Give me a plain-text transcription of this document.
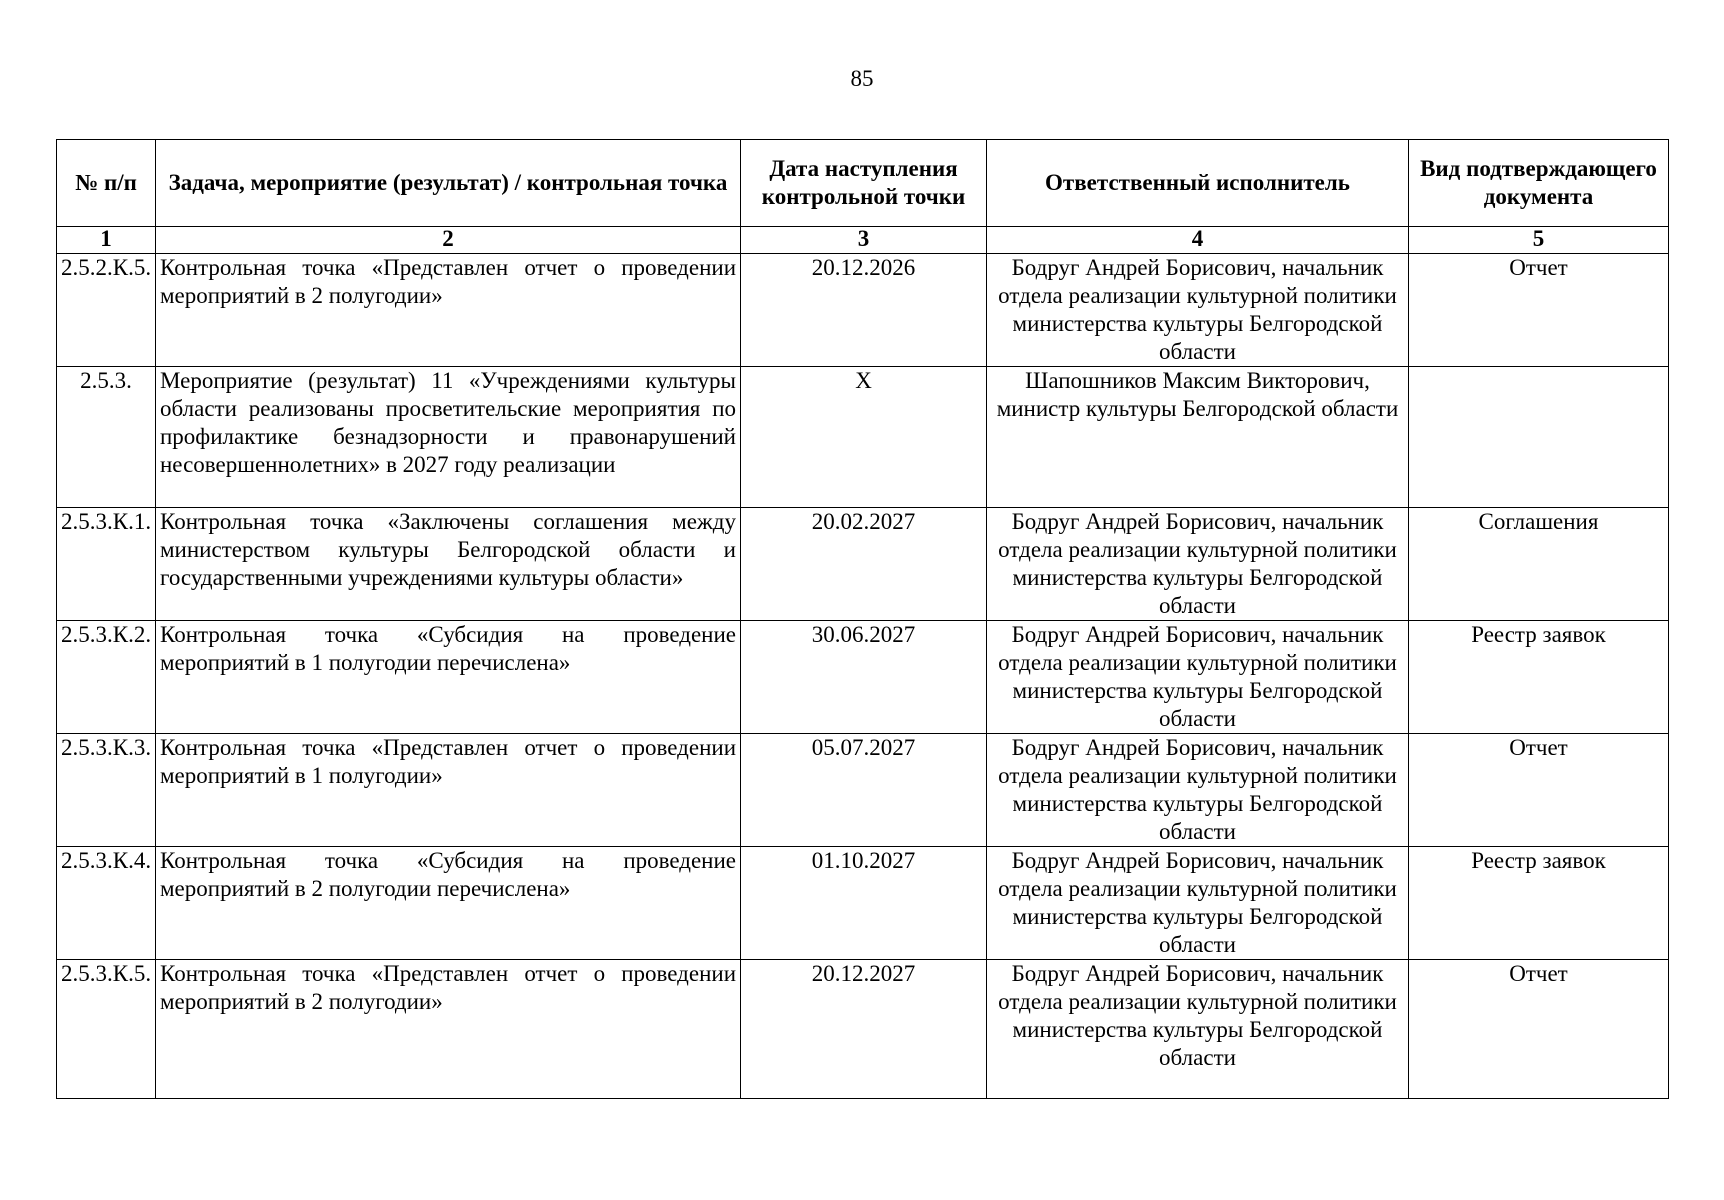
85
№ п/п	Задача, мероприятие (результат) / контрольная точка	Дата наступления контрольной точки	Ответственный исполнитель	Вид подтверждающего документа
1	2	3	4	5
2.5.2.К.5.	Контрольная точка «Представлен отчет о проведении мероприятий в 2 полугодии»	20.12.2026	Бодруг Андрей Борисович, начальник отдела реализации культурной политики министерства культуры Белгородской области	Отчет
2.5.3.	Мероприятие (результат) 11 «Учреждениями культуры области реализованы просветительские мероприятия по профилактике безнадзорности и правонарушений несовершеннолетних» в 2027 году реализации	X	Шапошников Максим Викторович, министр культуры Белгородской области	
2.5.3.К.1.	Контрольная точка «Заключены соглашения между министерством культуры Белгородской области и государственными учреждениями культуры области»	20.02.2027	Бодруг Андрей Борисович, начальник отдела реализации культурной политики министерства культуры Белгородской области	Соглашения
2.5.3.К.2.	Контрольная точка «Субсидия на проведение мероприятий в 1 полугодии перечислена»	30.06.2027	Бодруг Андрей Борисович, начальник отдела реализации культурной политики министерства культуры Белгородской области	Реестр заявок
2.5.3.К.3.	Контрольная точка «Представлен отчет о проведении мероприятий в 1 полугодии»	05.07.2027	Бодруг Андрей Борисович, начальник отдела реализации культурной политики министерства культуры Белгородской области	Отчет
2.5.3.К.4.	Контрольная точка «Субсидия на проведение мероприятий в 2 полугодии перечислена»	01.10.2027	Бодруг Андрей Борисович, начальник отдела реализации культурной политики министерства культуры Белгородской области	Реестр заявок
2.5.3.К.5.	Контрольная точка «Представлен отчет о проведении мероприятий в 2 полугодии»	20.12.2027	Бодруг Андрей Борисович, начальник отдела реализации культурной политики министерства культуры Белгородской области	Отчет
